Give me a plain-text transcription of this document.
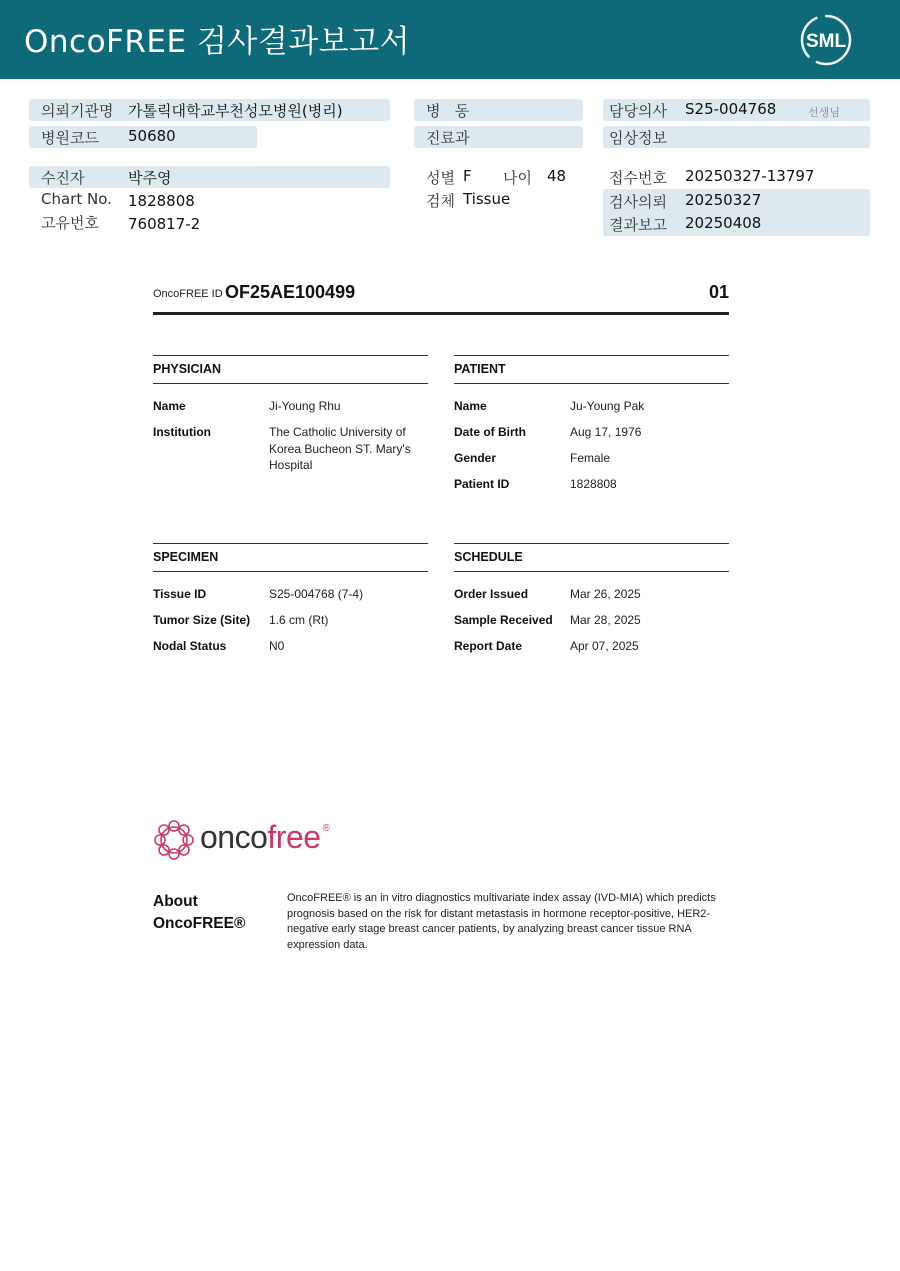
OncoFREE 검사결과보고서	SML
의뢰기관명 가톨릭대학교부천성모병원(병리)
병원코드 50680
병   동
진료과
담당의사 S25-004768	선생님
임상정보
수진자	박주영
Chart No. 1828808
고유번호 760817-2
성별 F 나이 48
검체 Tissue
접수번호 20250327-13797
검사의뢰 20250327
결과보고 20250408
OncoFREE ID OF25AE100499	01
PHYSICIAN
Name	Ji-Young Rhu
Institution	The Catholic University of Korea Bucheon ST. Mary's Hospital
PATIENT
Name	Ju-Young Pak
Date of Birth	Aug 17, 1976
Gender	Female
Patient ID	1828808
SPECIMEN
Tissue ID	S25-004768 (7-4)
Tumor Size (Site) 1.6 cm (Rt)
Nodal Status	N0
SCHEDULE
Order Issued	Mar 26, 2025
Sample Received Mar 28, 2025
Report Date	Apr 07, 2025
oncofree ®
About
OncoFREE®
OncoFREE® is an in vitro diagnostics multivariate index assay (IVD-MIA) which predicts prognosis based on the risk for distant metastasis in hormone receptor-positive, HER2-negative early stage breast cancer patients, by analyzing breast cancer tissue RNA expression data.
